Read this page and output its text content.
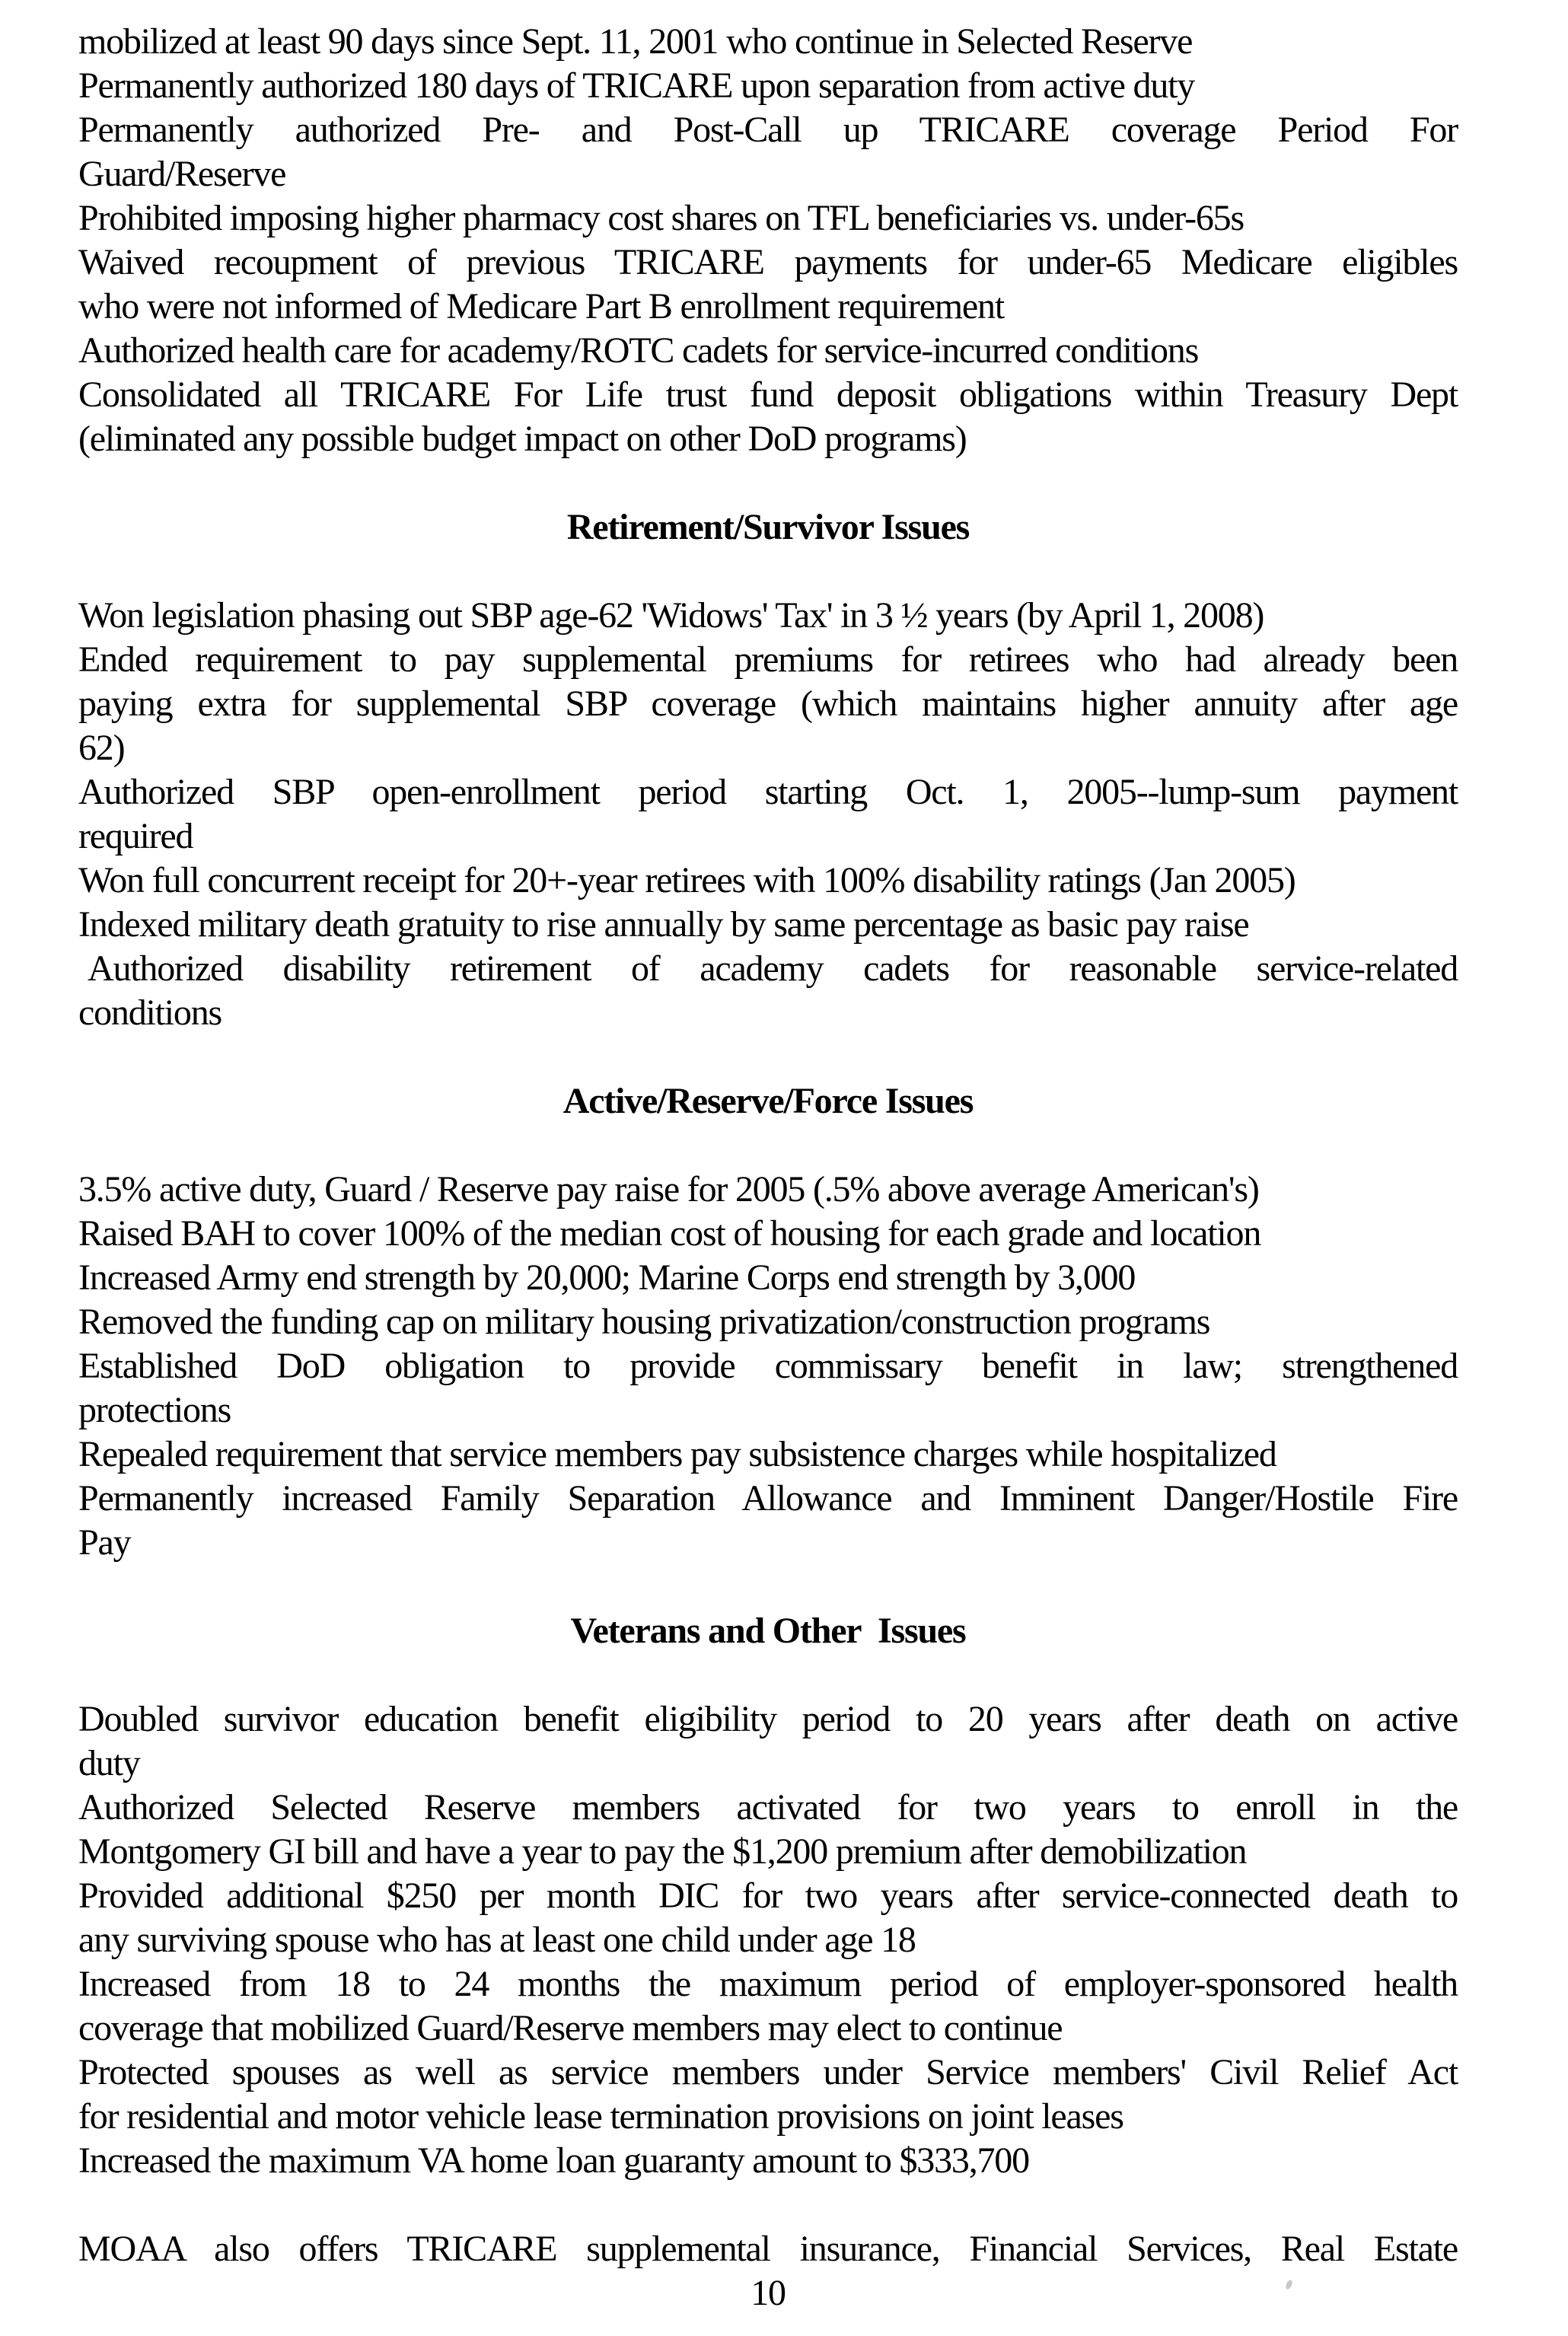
mobilized at least 90 days since Sept. 11, 2001 who continue in Selected Reserve
Permanently authorized 180 days of TRICARE upon separation from active duty
Permanently authorized Pre- and Post-Call up TRICARE coverage Period For
Guard/Reserve
Prohibited imposing higher pharmacy cost shares on TFL beneficiaries vs. under-65s
Waived recoupment of previous TRICARE payments for under-65 Medicare eligibles
who were not informed of Medicare Part B enrollment requirement
Authorized health care for academy/ROTC cadets for service-incurred conditions
Consolidated all TRICARE For Life trust fund deposit obligations within Treasury Dept
(eliminated any possible budget impact on other DoD programs)
Retirement/Survivor Issues
Won legislation phasing out SBP age-62 'Widows' Tax' in 3 ½ years (by April 1, 2008)
Ended requirement to pay supplemental premiums for retirees who had already been
paying extra for supplemental SBP coverage (which maintains higher annuity after age
62)
Authorized SBP open-enrollment period starting Oct. 1, 2005--lump-sum payment
required
Won full concurrent receipt for 20+-year retirees with 100% disability ratings (Jan 2005)
Indexed military death gratuity to rise annually by same percentage as basic pay raise
Authorized disability retirement of academy cadets for reasonable service-related
conditions
Active/Reserve/Force Issues
3.5% active duty, Guard / Reserve pay raise for 2005 (.5% above average American's)
Raised BAH to cover 100% of the median cost of housing for each grade and location
Increased Army end strength by 20,000; Marine Corps end strength by 3,000
Removed the funding cap on military housing privatization/construction programs
Established DoD obligation to provide commissary benefit in law; strengthened
protections
Repealed requirement that service members pay subsistence charges while hospitalized
Permanently increased Family Separation Allowance and Imminent Danger/Hostile Fire
Pay
Veterans and Other  Issues
Doubled survivor education benefit eligibility period to 20 years after death on active
duty
Authorized Selected Reserve members activated for two years to enroll in the
Montgomery GI bill and have a year to pay the $1,200 premium after demobilization
Provided additional $250 per month DIC for two years after service-connected death to
any surviving spouse who has at least one child under age 18
Increased from 18 to 24 months the maximum period of employer-sponsored health
coverage that mobilized Guard/Reserve members may elect to continue
Protected spouses as well as service members under Service members' Civil Relief Act
for residential and motor vehicle lease termination provisions on joint leases
Increased the maximum VA home loan guaranty amount to $333,700
MOAA also offers TRICARE supplemental insurance, Financial Services, Real Estate
10
